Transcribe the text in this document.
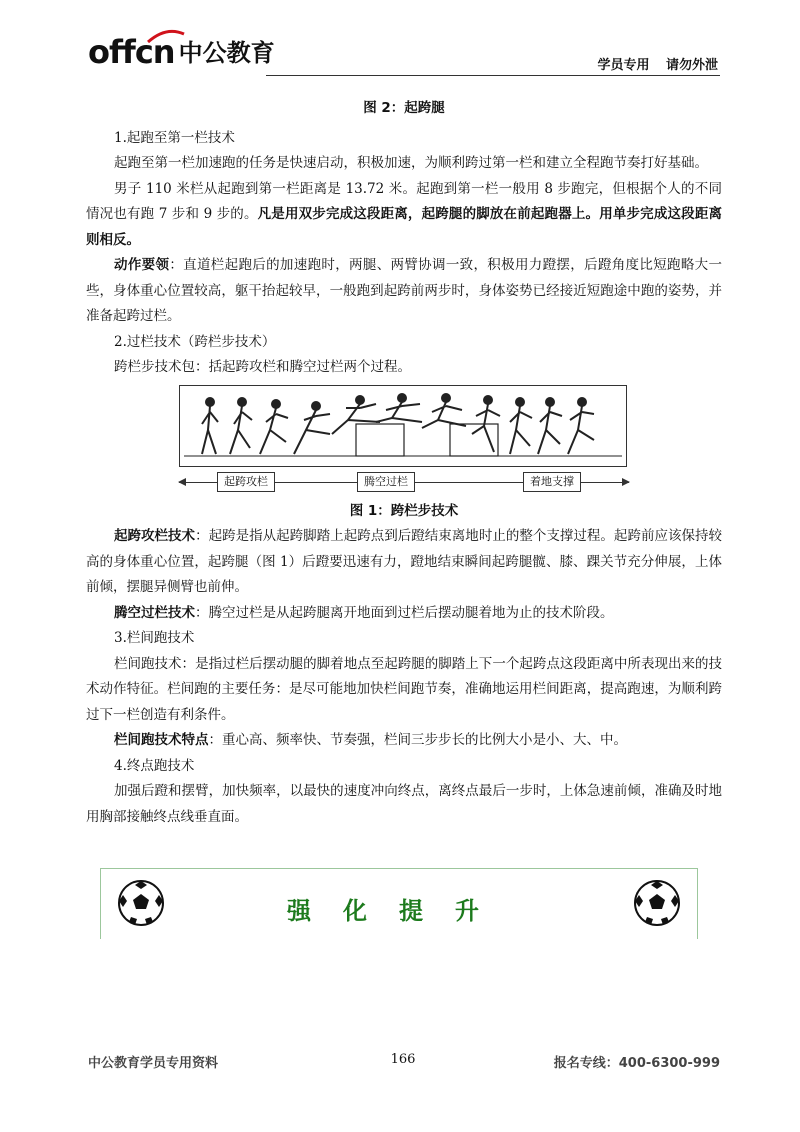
offcn 中公教育	学员专用 请勿外泄
图 2：起跨腿

1.起跑至第一栏技术

起跑至第一栏加速跑的任务是快速启动，积极加速，为顺利跨过第一栏和建立全程跑节奏打好基础。

男子 110 米栏从起跑到第一栏距离是 13.72 米。起跑到第一栏一般用 8 步跑完，但根据个人的不同情况也有跑 7 步和 9 步的。凡是用双步完成这段距离，起跨腿的脚放在前起跑器上。用单步完成这段距离则相反。

动作要领：直道栏起跑后的加速跑时，两腿、两臂协调一致，积极用力蹬摆，后蹬角度比短跑略大一些，身体重心位置较高，躯干抬起较早，一般跑到起跨前两步时，身体姿势已经接近短跑途中跑的姿势，并准备起跨过栏。

2.过栏技术（跨栏步技术）

跨栏步技术包：括起跨攻栏和腾空过栏两个过程。

起跨攻栏	腾空过栏	着地支撑
图 1：跨栏步技术

起跨攻栏技术：起跨是指从起跨脚踏上起跨点到后蹬结束离地时止的整个支撑过程。起跨前应该保持较高的身体重心位置，起跨腿（图 1）后蹬要迅速有力，蹬地结束瞬间起跨腿髋、膝、踝关节充分伸展，上体前倾，摆腿异侧臂也前伸。

腾空过栏技术：腾空过栏是从起跨腿离开地面到过栏后摆动腿着地为止的技术阶段。

3.栏间跑技术

栏间跑技术：是指过栏后摆动腿的脚着地点至起跨腿的脚踏上下一个起跨点这段距离中所表现出来的技术动作特征。栏间跑的主要任务：是尽可能地加快栏间跑节奏，准确地运用栏间距离，提高跑速，为顺利跨过下一栏创造有利条件。

栏间跑技术特点：重心高、频率快、节奏强，栏间三步步长的比例大小是小、大、中。

4.终点跑技术

加强后蹬和摆臂，加快频率，以最快的速度冲向终点，离终点最后一步时，上体急速前倾，准确及时地用胸部接触终点线垂直面。

强化提升
中公教育学员专用资料	166	报名专线：400-6300-999
